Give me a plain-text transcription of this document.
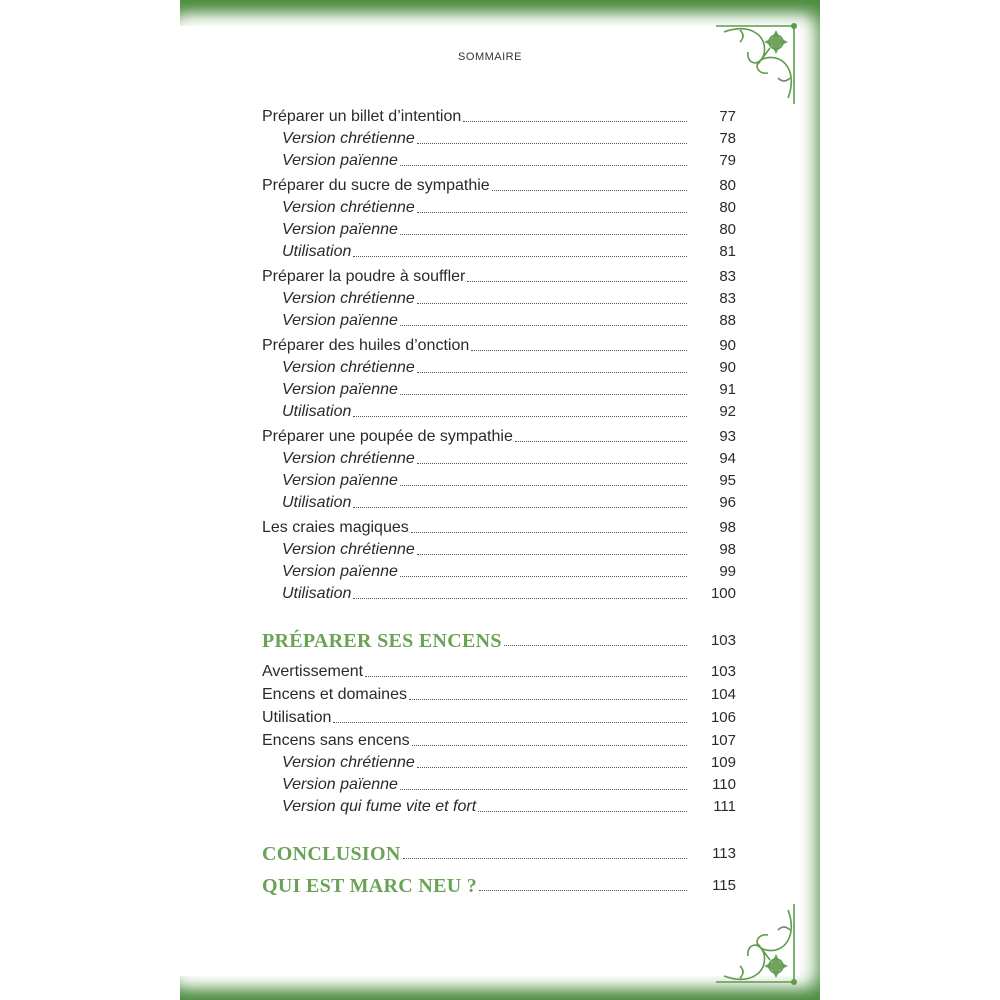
SOMMAIRE
Préparer un billet d’intention	77
Version chrétienne	78
Version païenne	79
Préparer du sucre de sympathie	80
Version chrétienne	80
Version païenne	80
Utilisation	81
Préparer la poudre à souffler	83
Version chrétienne	83
Version païenne	88
Préparer des huiles d’onction	90
Version chrétienne	90
Version païenne	91
Utilisation	92
Préparer une poupée de sympathie	93
Version chrétienne	94
Version païenne	95
Utilisation	96
Les craies magiques	98
Version chrétienne	98
Version païenne	99
Utilisation	100
PRÉPARER SES ENCENS	103
Avertissement	103
Encens et domaines	104
Utilisation	106
Encens sans encens	107
Version chrétienne	109
Version païenne	110
Version qui fume vite et fort	111
CONCLUSION	113
QUI EST MARC NEU ?	115
